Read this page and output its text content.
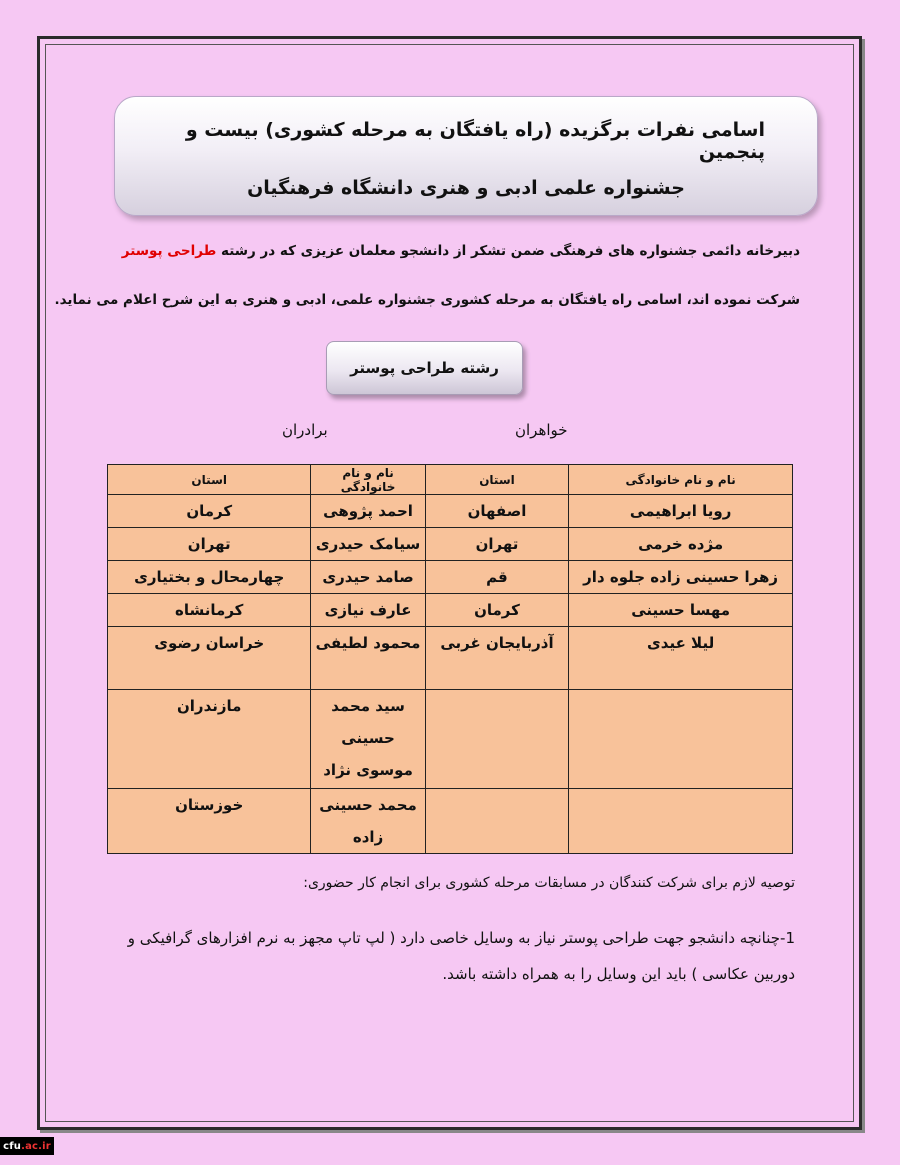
اسامی نفرات برگزیده (راه یافتگان به مرحله کشوری) بیست و پنجمین
جشنواره علمی ادبی و هنری دانشگاه فرهنگیان
دبیرخانه دائمی جشنواره های فرهنگی ضمن تشکر از دانشجو معلمان عزیزی که در رشته طراحی پوستر
شرکت نموده اند، اسامی راه یافتگان به مرحله کشوری جشنواره علمی، ادبی و هنری به این شرح اعلام می نماید.
رشته طراحی پوستر
خواهران
برادران
نام و نام خانوادگی	استان	نام و نام خانوادگی	استان
رویا ابراهیمی	اصفهان	احمد پژوهی	کرمان
مژده خرمی	تهران	سیامک حیدری	تهران
زهرا حسینی زاده جلوه دار	قم	صامد حیدری	چهارمحال و بختیاری
مهسا حسینی	کرمان	عارف نیازی	کرمانشاه
لیلا عیدی	آذربایجان غربی	محمود لطیفی	خراسان رضوی
		سید محمد حسینی موسوی نژاد	مازندران
		محمد حسینی زاده	خوزستان
توصیه لازم برای شرکت کنندگان در مسابقات مرحله کشوری برای انجام کار حضوری:
1-چنانچه دانشجو جهت طراحی پوستر نیاز به وسایل خاصی دارد ( لپ تاپ مجهز به نرم افزارهای گرافیکی و دوربین عکاسی ) باید این وسایل را به همراه داشته باشد.
cfu .ac.ir
